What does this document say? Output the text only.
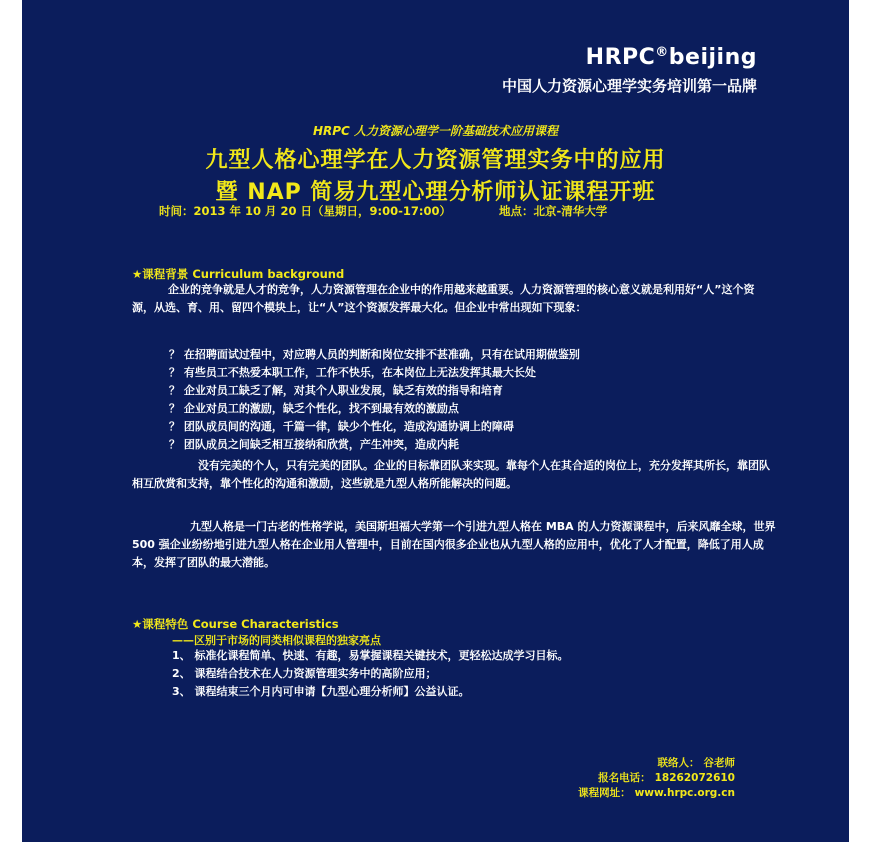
HRPC®beijing
中国人力资源心理学实务培训第一品牌
HRPC 人力资源心理学一阶基础技术应用课程
九型人格心理学在人力资源管理实务中的应用
暨 NAP 简易九型心理分析师认证课程开班
时间：2013 年 10 月 20 日（星期日，9:00-17:00）	地点：北京-清华大学
★课程背景 Curriculum background
企业的竞争就是人才的竞争，人力资源管理在企业中的作用越来越重要。人力资源管理的核心意义就是利用好“人”这个资源，从选、育、用、留四个模块上，让“人”这个资源发挥最大化。但企业中常出现如下现象：
？ 在招聘面试过程中，对应聘人员的判断和岗位安排不甚准确，只有在试用期做鉴别
？ 有些员工不热爱本职工作，工作不快乐，在本岗位上无法发挥其最大长处
？ 企业对员工缺乏了解，对其个人职业发展，缺乏有效的指导和培育
？ 企业对员工的激励，缺乏个性化，找不到最有效的激励点
？ 团队成员间的沟通，千篇一律，缺少个性化，造成沟通协调上的障碍
？ 团队成员之间缺乏相互接纳和欣赏，产生冲突，造成内耗
没有完美的个人，只有完美的团队。企业的目标靠团队来实现。靠每个人在其合适的岗位上，充分发挥其所长，靠团队相互欣赏和支持，靠个性化的沟通和激励，这些就是九型人格所能解决的问题。
九型人格是一门古老的性格学说，美国斯坦福大学第一个引进九型人格在 MBA 的人力资源课程中，后来风靡全球，世界 500 强企业纷纷地引进九型人格在企业用人管理中，目前在国内很多企业也从九型人格的应用中，优化了人才配置，降低了用人成本，发挥了团队的最大潜能。
★课程特色 Course Characteristics
——区别于市场的同类相似课程的独家亮点
1、 标准化课程简单、快速、有趣，易掌握课程关键技术，更轻松达成学习目标。
2、 课程结合技术在人力资源管理实务中的高阶应用；
3、 课程结束三个月内可申请【九型心理分析师】公益认证。
联络人： 谷老师
报名电话： 18262072610
课程网址： www.hrpc.org.cn
